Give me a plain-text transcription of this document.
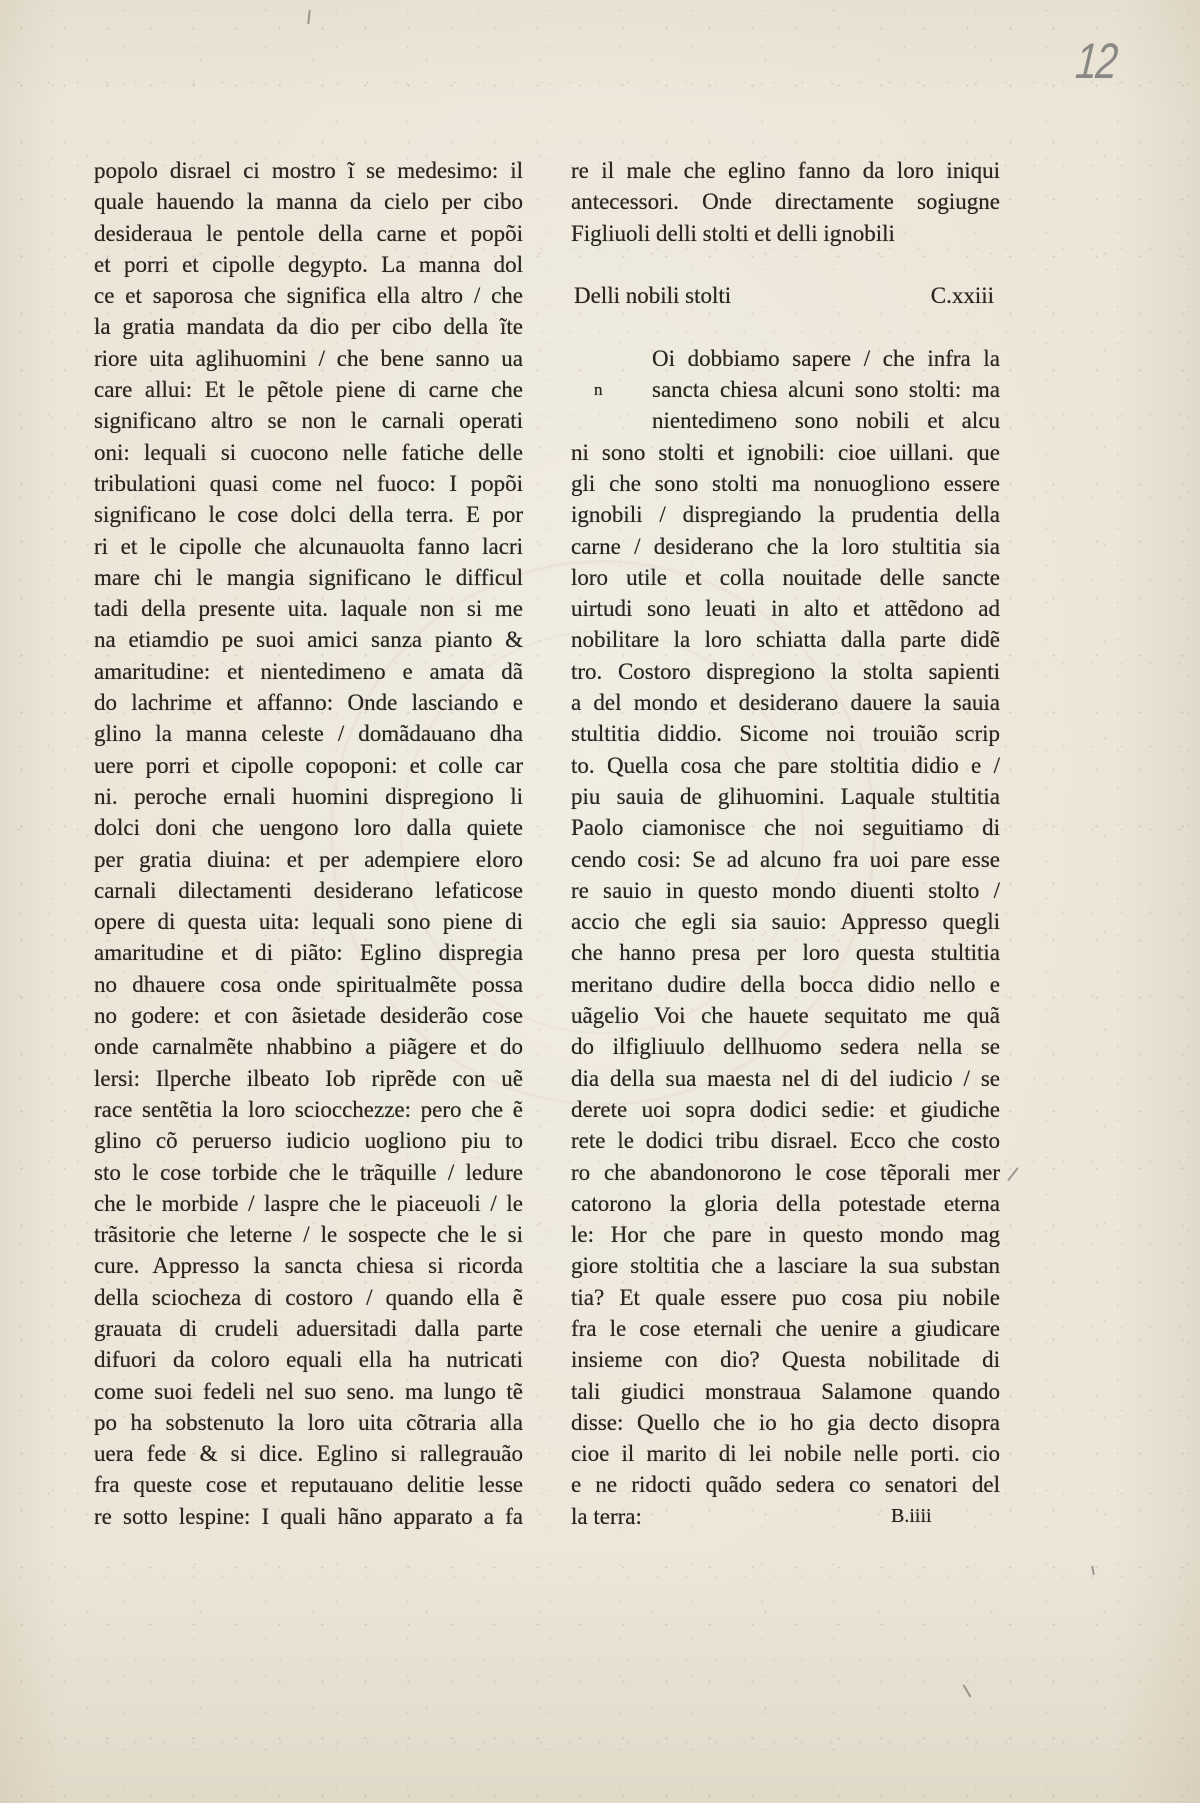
12
popolo disrael ci mostro ĩ se medesimo: il
quale hauendo la manna da cielo per cibo
desideraua le pentole della carne et popõi
et porri et cipolle degypto. La manna dol
ce et saporosa che significa ella altro / che
la gratia mandata da dio per cibo della ĩte
riore uita aglihuomini / che bene sanno ua
care allui: Et le pẽtole piene di carne che
significano altro se non le carnali operati
oni: lequali si cuocono nelle fatiche delle
tribulationi quasi come nel fuoco: I popõi
significano le cose dolci della terra. E por
ri et le cipolle che alcunauolta fanno lacri
mare chi le mangia significano le difficul
tadi della presente uita. laquale non si me
na etiamdio pe suoi amici sanza pianto &
amaritudine: et nientedimeno e amata dã
do lachrime et affanno: Onde lasciando e
glino la manna celeste / domãdauano dha
uere porri et cipolle copoponi: et colle car
ni. peroche ernali huomini dispregiono li
dolci doni che uengono loro dalla quiete
per gratia diuina: et per adempiere eloro
carnali dilectamenti desiderano lefaticose
opere di questa uita: lequali sono piene di
amaritudine et di piãto: Eglino dispregia
no dhauere cosa onde spiritualmẽte possa
no godere: et con ãsietade desiderão cose
onde carnalmẽte nhabbino a piãgere et do
lersi: Ilperche ilbeato Iob riprẽde con uẽ
race sentẽtia la loro sciocchezze: pero che ẽ
glino cõ peruerso iudicio uogliono piu to
sto le cose torbide che le trãquille / ledure
che le morbide / laspre che le piaceuoli / le
trãsitorie che leterne / le sospecte che le si
cure. Appresso la sancta chiesa si ricorda
della sciocheza di costoro / quando ella ẽ
grauata di crudeli aduersitadi dalla parte
difuori da coloro equali ella ha nutricati
come suoi fedeli nel suo seno. ma lungo tẽ
po ha sobstenuto la loro uita cõtraria alla
uera fede & si dice. Eglino si rallegrauão
fra queste cose et reputauano delitie lesse
re sotto lespine: I quali hãno apparato a fa
re il male che eglino fanno da loro iniqui
antecessori. Onde directamente sogiugne
Figliuoli delli stolti et delli ignobili
Delli nobili stolti	C.xxiii
n
B.iiii
Oi dobbiamo sapere / che infra la
sancta chiesa alcuni sono stolti: ma
nientedimeno sono nobili et alcu
ni sono stolti et ignobili: cioe uillani. que
gli che sono stolti ma nonuogliono essere
ignobili / dispregiando la prudentia della
carne / desiderano che la loro stultitia sia
loro utile et colla nouitade delle sancte
uirtudi sono leuati in alto et attẽdono ad
nobilitare la loro schiatta dalla parte didẽ
tro. Costoro dispregiono la stolta sapienti
a del mondo et desiderano dauere la sauia
stultitia diddio. Sicome noi trouião scrip
to. Quella cosa che pare stoltitia didio e /
piu sauia de glihuomini. Laquale stultitia
Paolo ciamonisce che noi seguitiamo di
cendo cosi: Se ad alcuno fra uoi pare esse
re sauio in questo mondo diuenti stolto /
accio che egli sia sauio: Appresso quegli
che hanno presa per loro questa stultitia
meritano dudire della bocca didio nello e
uãgelio Voi che hauete sequitato me quã
do ilfigliuulo dellhuomo sedera nella se
dia della sua maesta nel di del iudicio / se
derete uoi sopra dodici sedie: et giudiche
rete le dodici tribu disrael. Ecco che costo
ro che abandonorono le cose tẽporali mer
catorono la gloria della potestade eterna
le: Hor che pare in questo mondo mag
giore stoltitia che a lasciare la sua substan
tia? Et quale essere puo cosa piu nobile
fra le cose eternali che uenire a giudicare
insieme con dio? Questa nobilitade di
tali giudici monstraua Salamone quando
disse: Quello che io ho gia decto disopra
cioe il marito di lei nobile nelle porti. cio
e ne ridocti quãdo sedera co senatori del
la terra:
